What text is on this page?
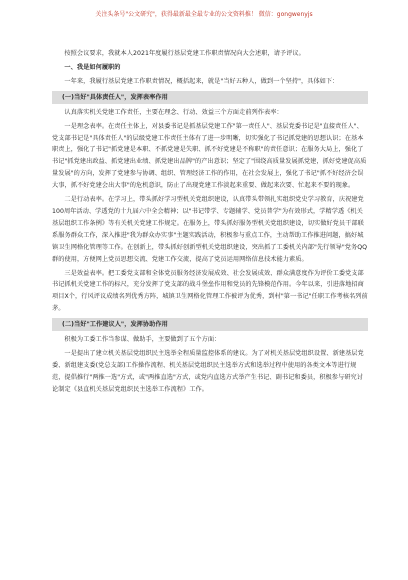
关注头条号"公文研究"，获得最新最全最专业的公文资料推！ 微信：gongwenyjs

按照会议要求，我就本人2021年度履行基层党建工作职责情况向大会述职，请予评议。

一、我是如何履职的

一年来，我履行基层党建工作职责情况，概括起来，就是"当好五种人，做到一个坚持"，具体如下：

(一)当好"具体责任人"，发挥表率作用

认真落实机关党建工作责任，主要在理念、行动、效益三个方面走前列作表率：

一是理念表率。在责任主体上，对县委书记是抓基层党建工作"第一责任人"、基层党委书记是"直接责任人"、党支部书记是"具体责任人"的层级党建工作责任主体有了进一步明晰，切实强化了书记抓党建的思想认识；在基本职责上，强化了书记"抓党建是本职、不抓党建是失职、抓不好党建是不称职"的责任意识；在服务大局上，强化了书记"抓党建出政益、抓党建出业绩、抓党建出品牌"的产出意识；坚定了"围绕高质量发展抓党建，抓好党建促高质量发展"的方向，发挥了党建参与协调、组织、管理经济工作的作用，在社会发展上，强化了书记"抓不好经济会误大事，抓不好党建会出大事"的危机意识，防止了出现党建工作淡起来重要、做起来次要、忙起来不要的现象。

二是行动表率。在学习上，带头抓好学习型机关党组织建设，认真带头带领扎实组织党史学习教育，庆祝建党100周年活动、学透党的十九届六中全会精神；以"书记带学、专题辅学、党员普学"为有效形式，学精学透《机关基层组织工作条例》等有关机关党建工作规定。在服务上，带头抓好服务型机关党组织建设，切实做好党员干部联系服务群众工作，深入推进"我为群众办实事"主题实践活动，积极参与重点工作，主动帮助工作推进问题，搞好城镇卫生网格化管理等工作。在创新上，带头抓好创新型机关党组织建设，突出抓了工委机关内部"先行领导"党务QQ群的使用，方便网上党员思想交流、党建工作交流，提高了党员运用网络信息技术能力素质。

三是效益表率。把工委党支部和全体党员服务经济发展成效、社会发展成效、群众满意度作为评价工委党支部书记抓机关党建工作的标尺，充分发挥了党支部的战斗堡垒作用和党员的先锋模范作用。今年以来，引进落地招商项目X个，行风评议成绩名列优秀方阵，城镇卫生网格化管理工作被评为优秀，到村"第一书记"任职工作考核名列前茅。

(二)当好"工作建议人"，发挥协助作用

积极为工委工作当参谋、做助手，主要做到了五个方面：

一是提出了建立机关基层党组织民主选举全程质量监控体系的建议。为了对机关基层党组织设置、新建基层党委、新组建支委(党总支部)工作操作流程、机关基层党组织民主选举方式和选举过程中使用的各类文本等进行规范，提倡推行"两推一选"方式，或"两推直选"方式，或党内直选方式举产生书记、副书记和委员，积极参与研究讨论制定《县直机关基层党组织民主选举工作流程》工作。
